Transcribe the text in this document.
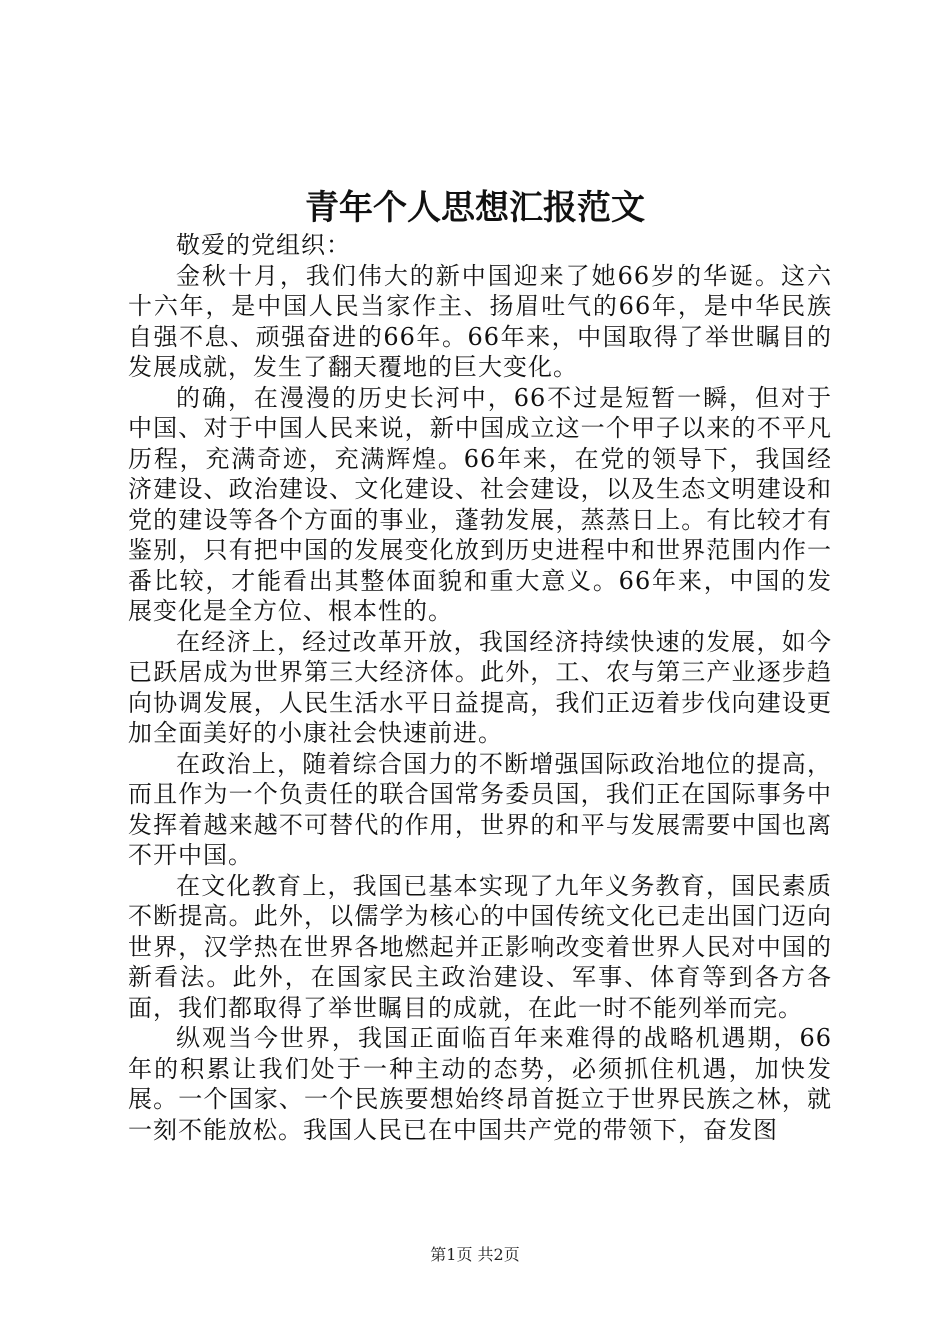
青年个人思想汇报范文

敬爱的党组织：

金秋十月，我们伟大的新中国迎来了她66岁的华诞。这六十六年，是中国人民当家作主、扬眉吐气的66年，是中华民族自强不息、顽强奋进的66年。66年来，中国取得了举世瞩目的发展成就，发生了翻天覆地的巨大变化。

的确，在漫漫的历史长河中，66不过是短暂一瞬，但对于中国、对于中国人民来说，新中国成立这一个甲子以来的不平凡历程，充满奇迹，充满辉煌。66年来，在党的领导下，我国经济建设、政治建设、文化建设、社会建设，以及生态文明建设和党的建设等各个方面的事业，蓬勃发展，蒸蒸日上。有比较才有鉴别，只有把中国的发展变化放到历史进程中和世界范围内作一番比较，才能看出其整体面貌和重大意义。66年来，中国的发展变化是全方位、根本性的。

在经济上，经过改革开放，我国经济持续快速的发展，如今已跃居成为世界第三大经济体。此外，工、农与第三产业逐步趋向协调发展，人民生活水平日益提高，我们正迈着步伐向建设更加全面美好的小康社会快速前进。

在政治上，随着综合国力的不断增强国际政治地位的提高，而且作为一个负责任的联合国常务委员国，我们正在国际事务中发挥着越来越不可替代的作用，世界的和平与发展需要中国也离不开中国。

在文化教育上，我国已基本实现了九年义务教育，国民素质不断提高。此外，以儒学为核心的中国传统文化已走出国门迈向世界，汉学热在世界各地燃起并正影响改变着世界人民对中国的新看法。此外，在国家民主政治建设、军事、体育等到各方各面，我们都取得了举世瞩目的成就，在此一时不能列举而完。

纵观当今世界，我国正面临百年来难得的战略机遇期，66年的积累让我们处于一种主动的态势，必须抓住机遇，加快发展。一个国家、一个民族要想始终昂首挺立于世界民族之林，就一刻不能放松。我国人民已在中国共产党的带领下，奋发图

第1页 共2页
